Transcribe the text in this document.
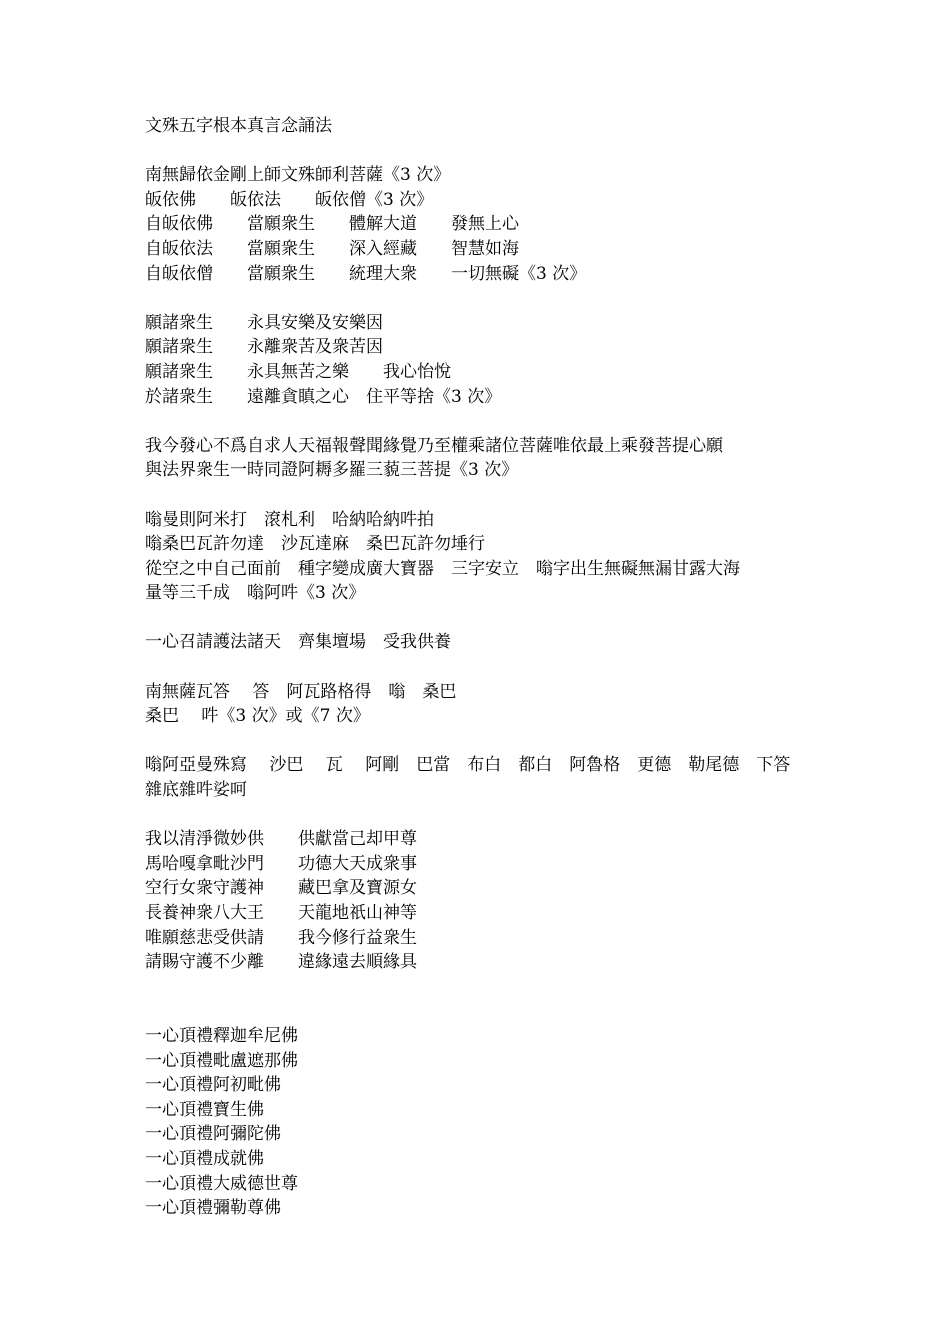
文殊五字根本真言念誦法
南無歸依金剛上師文殊師利菩薩《3 次》
皈依佛　　皈依法　　皈依僧《3 次》
自皈依佛　　當願衆生　　體解大道　　發無上心
自皈依法　　當願衆生　　深入經藏　　智慧如海
自皈依僧　　當願衆生　　統理大衆　　一切無礙《3 次》
願諸衆生　　永具安樂及安樂因
願諸衆生　　永離衆苦及衆苦因
願諸衆生　　永具無苦之樂　　我心怡悅
於諸衆生　　遠離貪瞋之心　住平等捨《3 次》
我今發心不爲自求人天福報聲聞緣覺乃至權乘諸位菩薩唯依最上乘發菩提心願
與法界衆生一時同證阿耨多羅三藐三菩提《3 次》
嗡曼則阿米打　滾札利　哈納哈納吽拍
嗡桑巴瓦許勿達　沙瓦達麻　桑巴瓦許勿埵行
從空之中自己面前　種字變成廣大寶器　三字安立　嗡字出生無礙無漏甘露大海
量等三千成　嗡阿吽《3 次》
一心召請護法諸天　齊集壇場　受我供養
南無薩瓦答　 答　阿瓦路格得　嗡　桑巴
桑巴　 吽《3 次》或《7 次》
嗡阿亞曼殊寫　 沙巴　 瓦　 阿剛　巴當　布白　都白　阿魯格　更德　勒尾德　下答
雜底雜吽娑呵
我以清淨微妙供　　供獻當己却甲尊
馬哈嘎拿毗沙門　　功德大天成衆事
空行女衆守護神　　藏巴拿及寶源女
長養神衆八大王　　天龍地祇山神等
唯願慈悲受供請　　我今修行益衆生
請賜守護不少離　　違緣遠去順緣具
一心頂禮釋迦牟尼佛
一心頂禮毗盧遮那佛
一心頂禮阿初毗佛
一心頂禮寶生佛
一心頂禮阿彌陀佛
一心頂禮成就佛
一心頂禮大威德世尊
一心頂禮彌勒尊佛
